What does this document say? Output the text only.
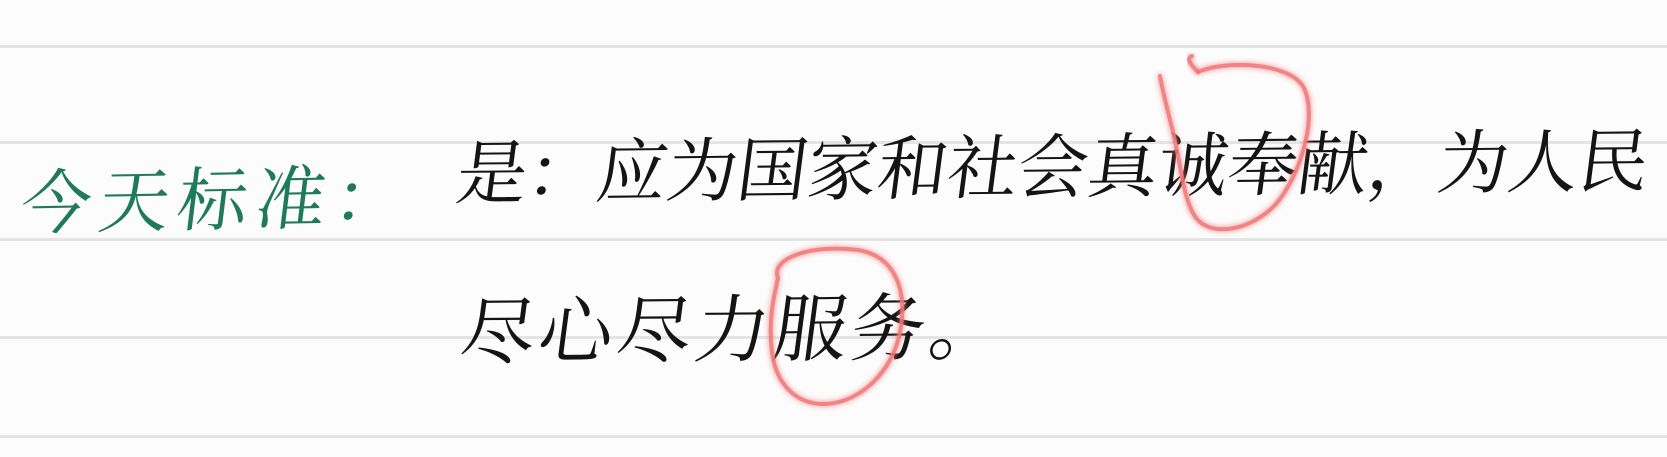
今天标准： 是：应为国家和社会真诚奉献，为人民
尽心尽力服务。
